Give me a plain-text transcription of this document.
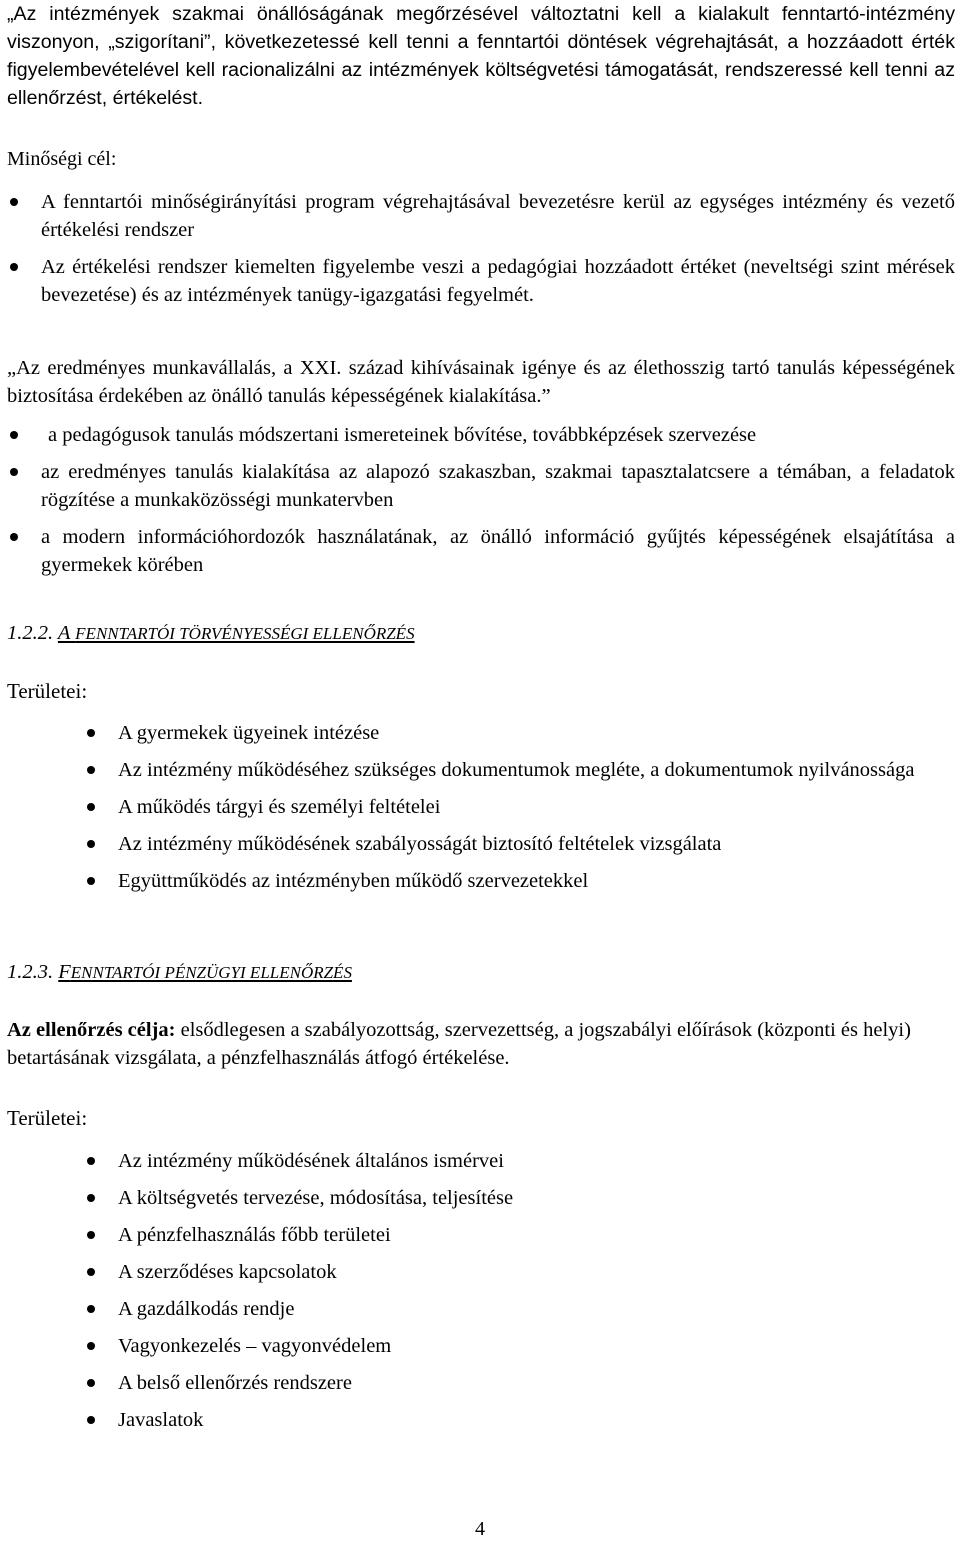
„Az intézmények szakmai önállóságának megőrzésével változtatni kell a kialakult fenntartó-intézmény viszonyon, „szigorítani”, következetessé kell tenni a fenntartói döntések végrehajtását, a hozzáadott érték figyelembevételével kell racionalizálni az intézmények költségvetési támogatását, rendszeressé kell tenni az ellenőrzést, értékelést.

Minőségi cél:

A fenntartói minőségirányítási program végrehajtásával bevezetésre kerül az egységes intézmény és vezető értékelési rendszer
Az értékelési rendszer kiemelten figyelembe veszi a pedagógiai hozzáadott értéket (neveltségi szint mérések bevezetése) és az intézmények tanügy-igazgatási fegyelmét.

„Az eredményes munkavállalás, a XXI. század kihívásainak igénye és az élethosszig tartó tanulás képességének biztosítása érdekében az önálló tanulás képességének kialakítása.”

a pedagógusok tanulás módszertani ismereteinek bővítése, továbbképzések szervezése
az eredményes tanulás kialakítása az alapozó szakaszban, szakmai tapasztalatcsere a témában, a feladatok rögzítése a munkaközösségi munkatervben
a modern információhordozók használatának, az önálló információ gyűjtés képességének elsajátítása a gyermekek körében

1.2.2. A FENNTARTÓI TÖRVÉNYESSÉGI ELLENŐRZÉS

Területei:

A gyermekek ügyeinek intézése
Az intézmény működéséhez szükséges dokumentumok megléte, a dokumentumok nyilvánossága
A működés tárgyi és személyi feltételei
Az intézmény működésének szabályosságát biztosító feltételek vizsgálata
Együttműködés az intézményben működő szervezetekkel

1.2.3. FENNTARTÓI PÉNZÜGYI ELLENŐRZÉS

Az ellenőrzés célja: elsődlegesen a szabályozottság, szervezettség, a jogszabályi előírások (központi és helyi) betartásának vizsgálata, a pénzfelhasználás átfogó értékelése.

Területei:

Az intézmény működésének általános ismérvei
A költségvetés tervezése, módosítása, teljesítése
A pénzfelhasználás főbb területei
A szerződéses kapcsolatok
A gazdálkodás rendje
Vagyonkezelés – vagyonvédelem
A belső ellenőrzés rendszere
Javaslatok
4
